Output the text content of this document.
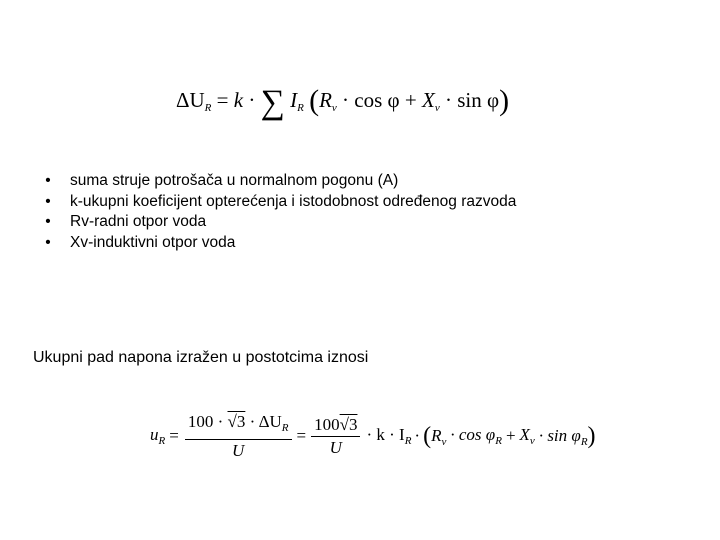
$\Delta U_R = k$ · ∑ $I_R$ $(R_v \cdot \cos \varphi + X_v \cdot \sin \varphi)$
• suma struje potrošača u normalnom pogonu (A)
• k-ukupni koeficijent opterećenja i istodobnost određenog razvoda
• Rv-radni otpor voda
• Xv-induktivni otpor voda
Ukupni pad napona izražen u postotcima iznosi
$u_R = \frac{100 \cdot √3 \cdot \Delta U_R}{U} = \frac{100√3}{U} \cdot k \cdot I_R \cdot (R_v \cdot \cos \varphi_R + X_v \cdot \sin \varphi_R)$
